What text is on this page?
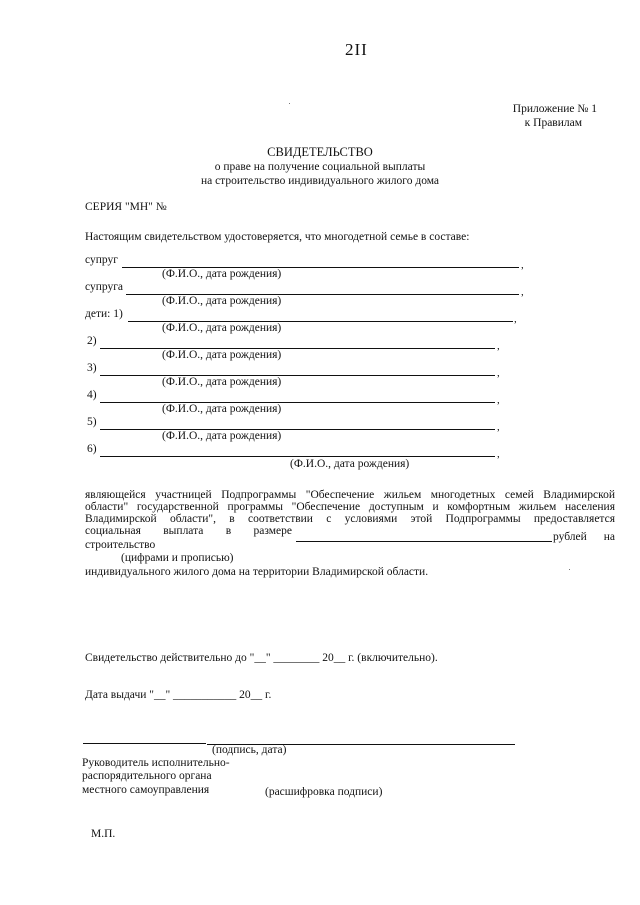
2II
Приложение № 1
к Правилам
СВИДЕТЕЛЬСТВО
о праве на получение социальной выплаты
на строительство индивидуального жилого дома
СЕРИЯ "МН" №
Настоящим свидетельством удостоверяется, что многодетной семье в составе:
супруг	,
(Ф.И.О., дата рождения)
супруга	,
(Ф.И.О., дата рождения)
дети: 1)	,
(Ф.И.О., дата рождения)
2)	,
(Ф.И.О., дата рождения)
3)	,
(Ф.И.О., дата рождения)
4)	,
(Ф.И.О., дата рождения)
5)	,
(Ф.И.О., дата рождения)
6)	,
(Ф.И.О., дата рождения)
являющейся участницей Подпрограммы "Обеспечение жильем многодетных семей Владимирской
области" государственной программы "Обеспечение доступным и комфортным жильем населения
Владимирской области", в соответствии с условиями этой Подпрограммы предоставляется
социальная выплата в размере	рублей на
строительство
(цифрами и прописью)
индивидуального жилого дома на территории Владимирской области.
Свидетельство действительно до "__" ________ 20__ г. (включительно).
Дата выдачи "__" ___________ 20__ г.
(подпись, дата)
Руководитель исполнительно-
распорядительного органа
местного самоуправления	(расшифровка подписи)
М.П.
